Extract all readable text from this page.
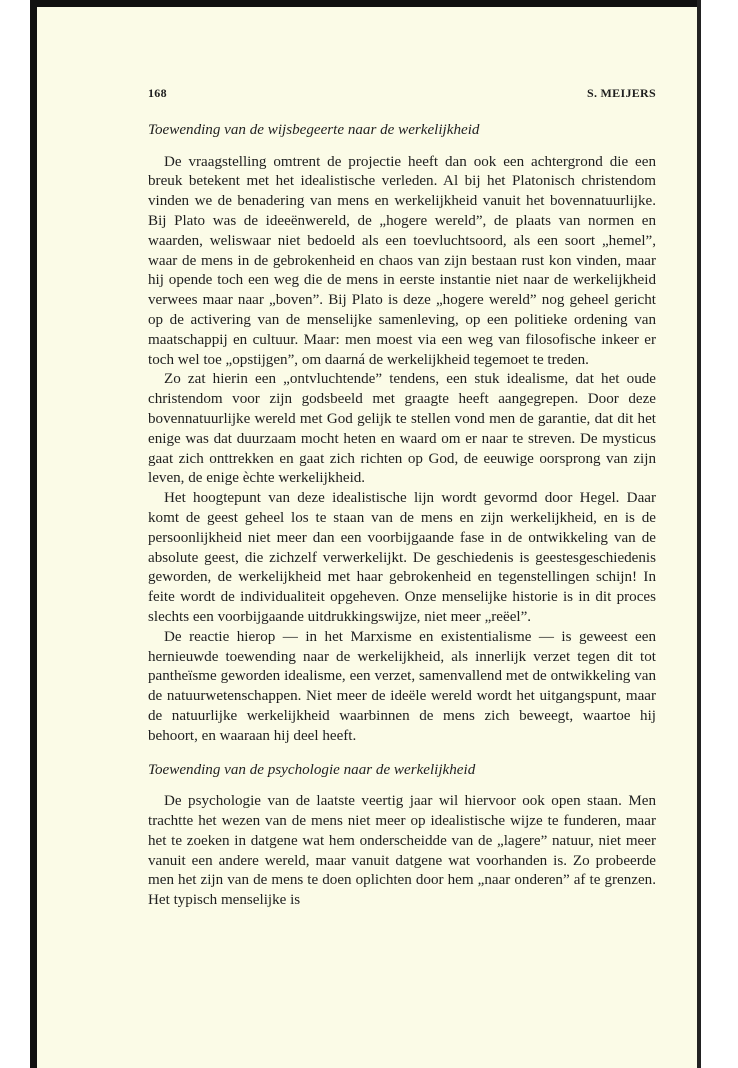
168	S. MEIJERS
Toewending van de wijsbegeerte naar de werkelijkheid

De vraagstelling omtrent de projectie heeft dan ook een achtergrond die een breuk betekent met het idealistische verleden. Al bij het Platonisch christendom vinden we de benadering van mens en werkelijkheid vanuit het bovennatuurlijke. Bij Plato was de ideeënwereld, de „hogere wereld”, de plaats van normen en waarden, weliswaar niet bedoeld als een toevluchtsoord, als een soort „hemel”, waar de mens in de gebrokenheid en chaos van zijn bestaan rust kon vinden, maar hij opende toch een weg die de mens in eerste instantie niet naar de werkelijkheid verwees maar naar „boven”. Bij Plato is deze „hogere wereld” nog geheel gericht op de activering van de menselijke samenleving, op een politieke ordening van maatschappij en cultuur. Maar: men moest via een weg van filosofische inkeer er toch wel toe „opstijgen”, om daarná de werkelijkheid tegemoet te treden.

Zo zat hierin een „ontvluchtende” tendens, een stuk idealisme, dat het oude christendom voor zijn godsbeeld met graagte heeft aangegrepen. Door deze bovennatuurlijke wereld met God gelijk te stellen vond men de garantie, dat dit het enige was dat duurzaam mocht heten en waard om er naar te streven. De mysticus gaat zich onttrekken en gaat zich richten op God, de eeuwige oorsprong van zijn leven, de enige èchte werkelijkheid.

Het hoogtepunt van deze idealistische lijn wordt gevormd door Hegel. Daar komt de geest geheel los te staan van de mens en zijn werkelijkheid, en is de persoonlijkheid niet meer dan een voorbijgaande fase in de ontwikkeling van de absolute geest, die zichzelf verwerkelijkt. De geschiedenis is geestesgeschiedenis geworden, de werkelijkheid met haar gebrokenheid en tegenstellingen schijn! In feite wordt de individualiteit opgeheven. Onze menselijke historie is in dit proces slechts een voorbijgaande uitdrukkingswijze, niet meer „reëel”.

De reactie hierop — in het Marxisme en existentialisme — is geweest een hernieuwde toewending naar de werkelijkheid, als innerlijk verzet tegen dit tot pantheïsme geworden idealisme, een verzet, samenvallend met de ontwikkeling van de natuurwetenschappen. Niet meer de ideële wereld wordt het uitgangspunt, maar de natuurlijke werkelijkheid waarbinnen de mens zich beweegt, waartoe hij behoort, en waaraan hij deel heeft.

Toewending van de psychologie naar de werkelijkheid

De psychologie van de laatste veertig jaar wil hiervoor ook open staan. Men trachtte het wezen van de mens niet meer op idealistische wijze te funderen, maar het te zoeken in datgene wat hem onderscheidde van de „lagere” natuur, niet meer vanuit een andere wereld, maar vanuit datgene wat voorhanden is. Zo probeerde men het zijn van de mens te doen oplichten door hem „naar onderen” af te grenzen. Het typisch menselijke is
